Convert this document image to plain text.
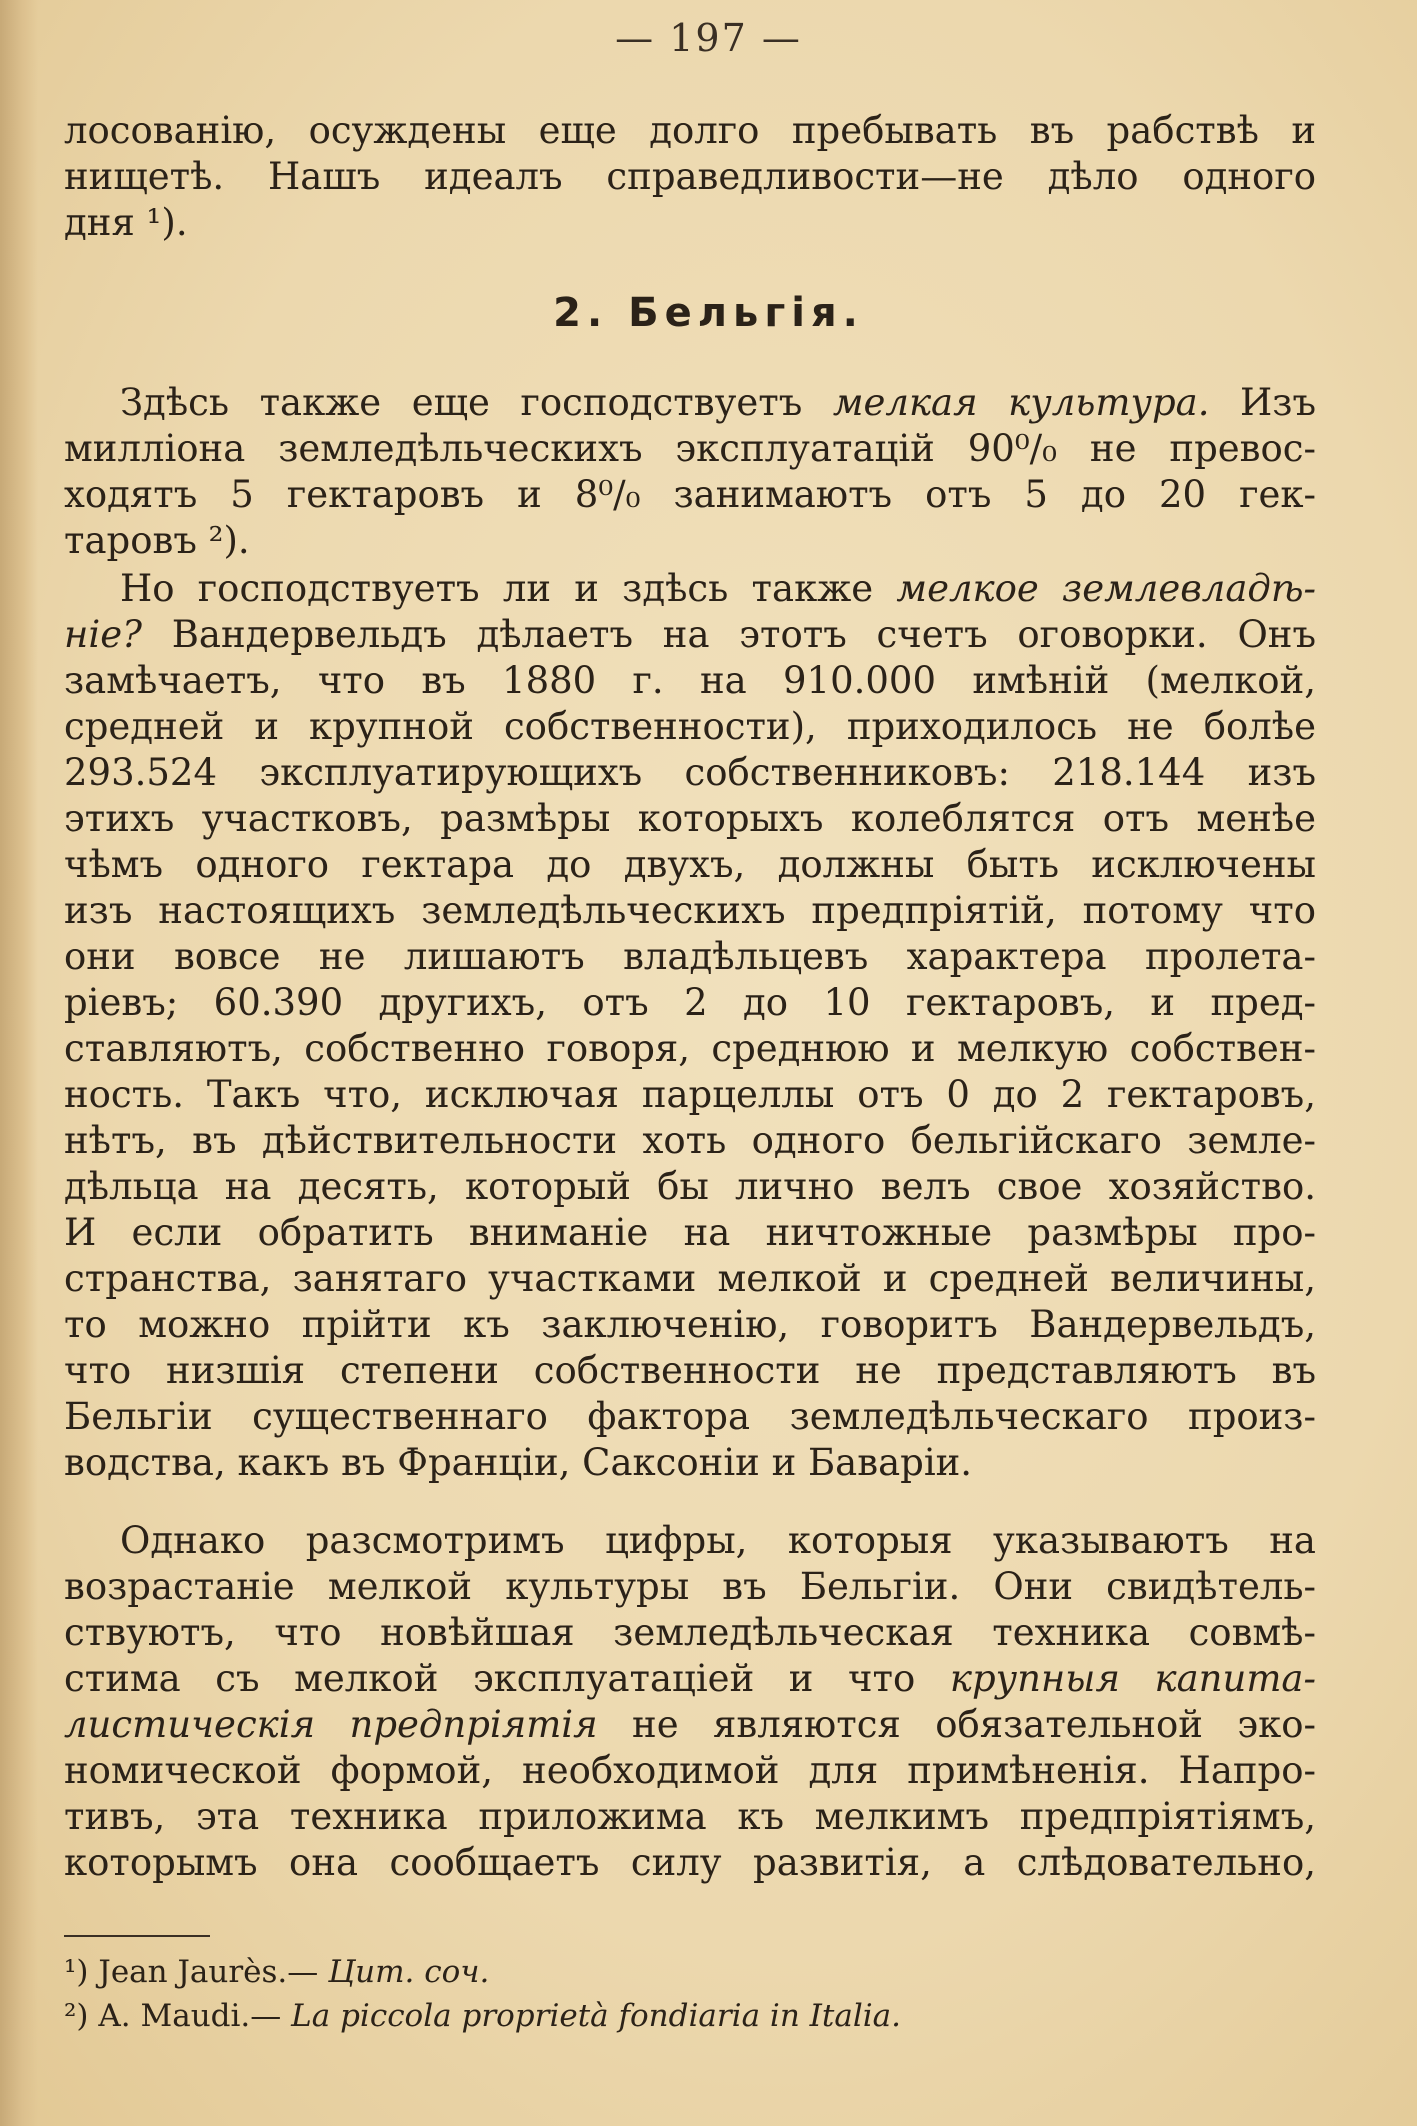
— 197 —
лосованію, осуждены еще долго пребывать въ рабствѣ и
нищетѣ. Нашъ идеалъ справедливости—не дѣло одного
дня ¹).
2. Бельгія.
Здѣсь также еще господствуетъ мелкая культура. Изъ
милліона земледѣльческихъ эксплуатацій 90⁰/₀ не превос-
ходятъ 5 гектаровъ и 8⁰/₀ занимаютъ отъ 5 до 20 гек-
таровъ ²).
Но господствуетъ ли и здѣсь также мелкое землевладѣ-
ніе? Вандервельдъ дѣлаетъ на этотъ счетъ оговорки. Онъ
замѣчаетъ, что въ 1880 г. на 910.000 имѣній (мелкой,
средней и крупной собственности), приходилось не болѣе
293.524 эксплуатирующихъ собственниковъ: 218.144 изъ
этихъ участковъ, размѣры которыхъ колеблятся отъ менѣе
чѣмъ одного гектара до двухъ, должны быть исключены
изъ настоящихъ земледѣльческихъ предпріятій, потому что
они вовсе не лишаютъ владѣльцевъ характера пролета-
ріевъ; 60.390 другихъ, отъ 2 до 10 гектаровъ, и пред-
ставляютъ, собственно говоря, среднюю и мелкую собствен-
ность. Такъ что, исключая парцеллы отъ 0 до 2 гектаровъ,
нѣтъ, въ дѣйствительности хоть одного бельгійскаго земле-
дѣльца на десять, который бы лично велъ свое хозяйство.
И если обратить вниманіе на ничтожные размѣры про-
странства, занятаго участками мелкой и средней величины,
то можно прійти къ заключенію, говоритъ Вандервельдъ,
что низшія степени собственности не представляютъ въ
Бельгіи существеннаго фактора земледѣльческаго произ-
водства, какъ въ Франціи, Саксоніи и Баваріи.
Однако разсмотримъ цифры, которыя указываютъ на
возрастаніе мелкой культуры въ Бельгіи. Они свидѣтель-
ствуютъ, что новѣйшая земледѣльческая техника совмѣ-
стима съ мелкой эксплуатаціей и что крупныя капита-
листическія предпріятія не являются обязательной эко-
номической формой, необходимой для примѣненія. Напро-
тивъ, эта техника приложима къ мелкимъ предпріятіямъ,
которымъ она сообщаетъ силу развитія, а слѣдовательно,
¹) Jean Jaurès.— Цит. соч.
²) A. Maudi.— La piccola proprietà fondiaria in Italia.
